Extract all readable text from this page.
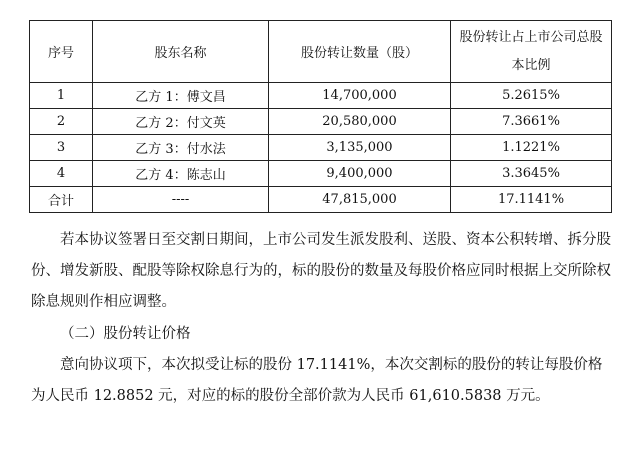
序号	股东名称	股份转让数量（股）	股份转让占上市公司总股本比例
1	乙方 1：傅文昌	14,700,000	5.2615%
2	乙方 2：付文英	20,580,000	7.3661%
3	乙方 3：付水法	3,135,000	1.1221%
4	乙方 4：陈志山	9,400,000	3.3645%
合计	----	47,815,000	17.1141%

若本协议签署日至交割日期间，上市公司发生派发股利、送股、资本公积转增、拆分股份、增发新股、配股等除权除息行为的，标的股份的数量及每股价格应同时根据上交所除权除息规则作相应调整。

（二）股份转让价格

意向协议项下，本次拟受让标的股份 17.1141%，本次交割标的股份的转让每股价格为人民币 12.8852 元，对应的标的股份全部价款为人民币 61,610.5838 万元。
